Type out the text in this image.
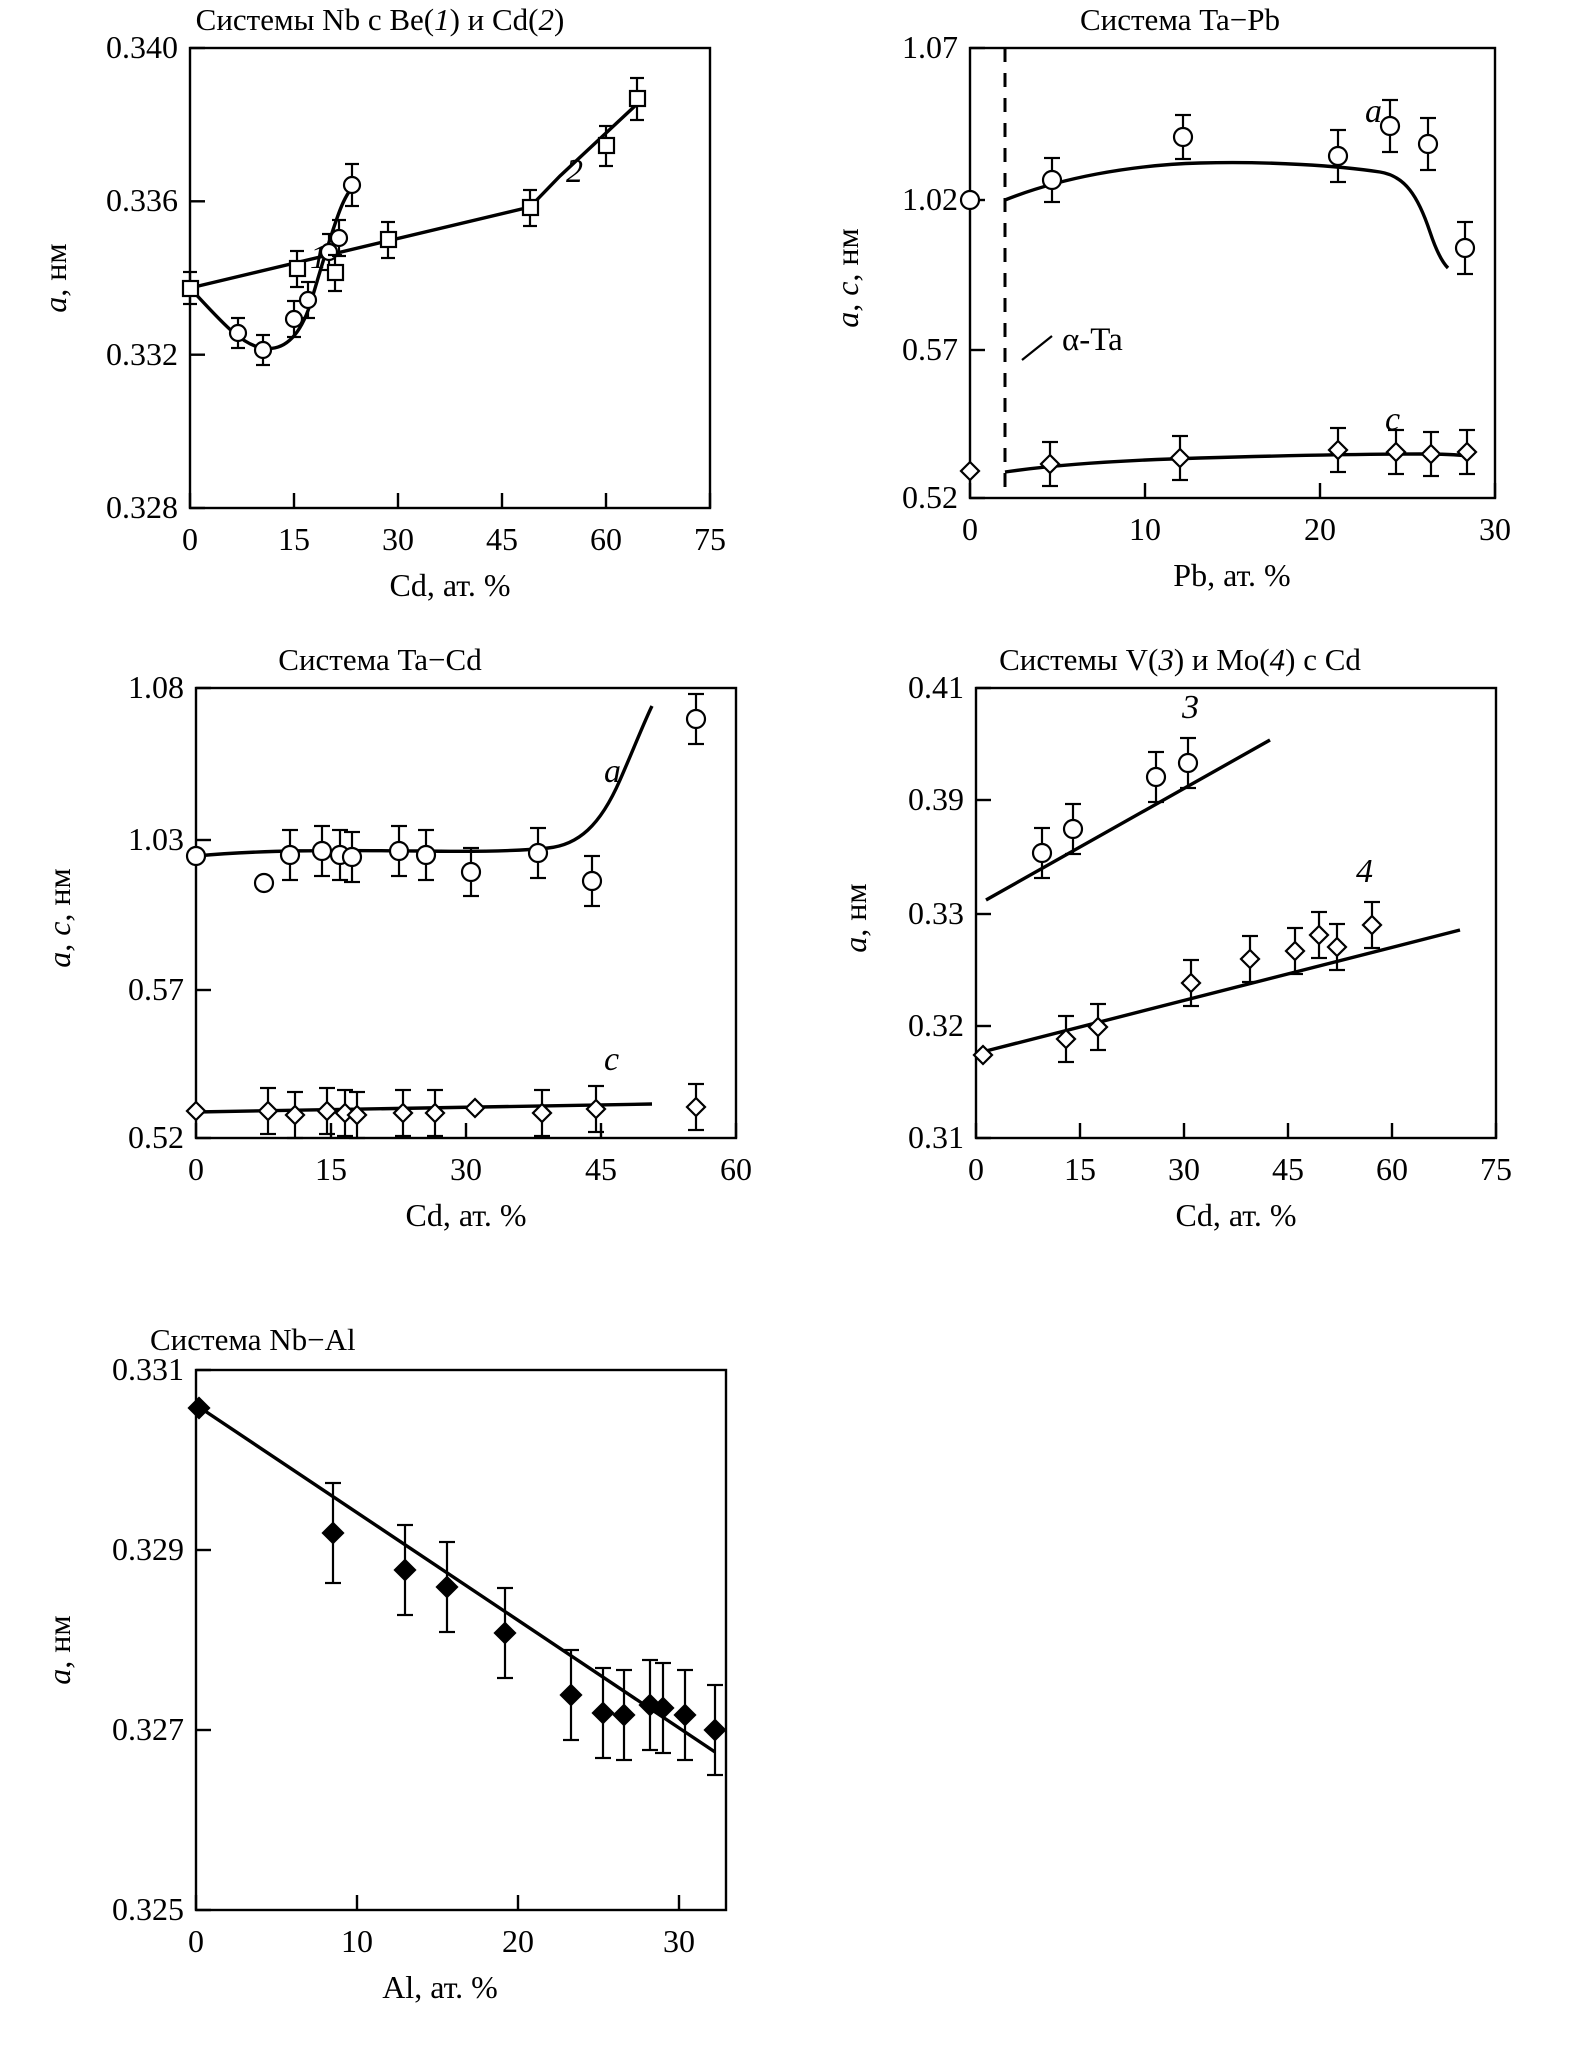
Системы Nb с Be(1) и Cd(2)
0.328
0.332
0.336
0.340
0	15 30 45 60 75
Cd, ат. %
a, нм	1
2
Система Ta−Pb
0.52
0.57
1.02
1.07
0	10	20	30
Pb, ат. %
a, c, нм
α-Ta
a
c
Система Ta−Cd
0.52
0.57
1.03
1.08
0	15	30	45	60
Cd, ат. %
a, c, нм
a
c
Системы V(3) и Mo(4) с Cd
0.31
0.32
0.33
0.39
0.41
0	15 30 45 60 75
Cd, ат. %
a, нм
3
4
Система Nb−Al
0.325
0.327
0.329
0.331
0	10	20	30
Al, ат. %
a, нм
